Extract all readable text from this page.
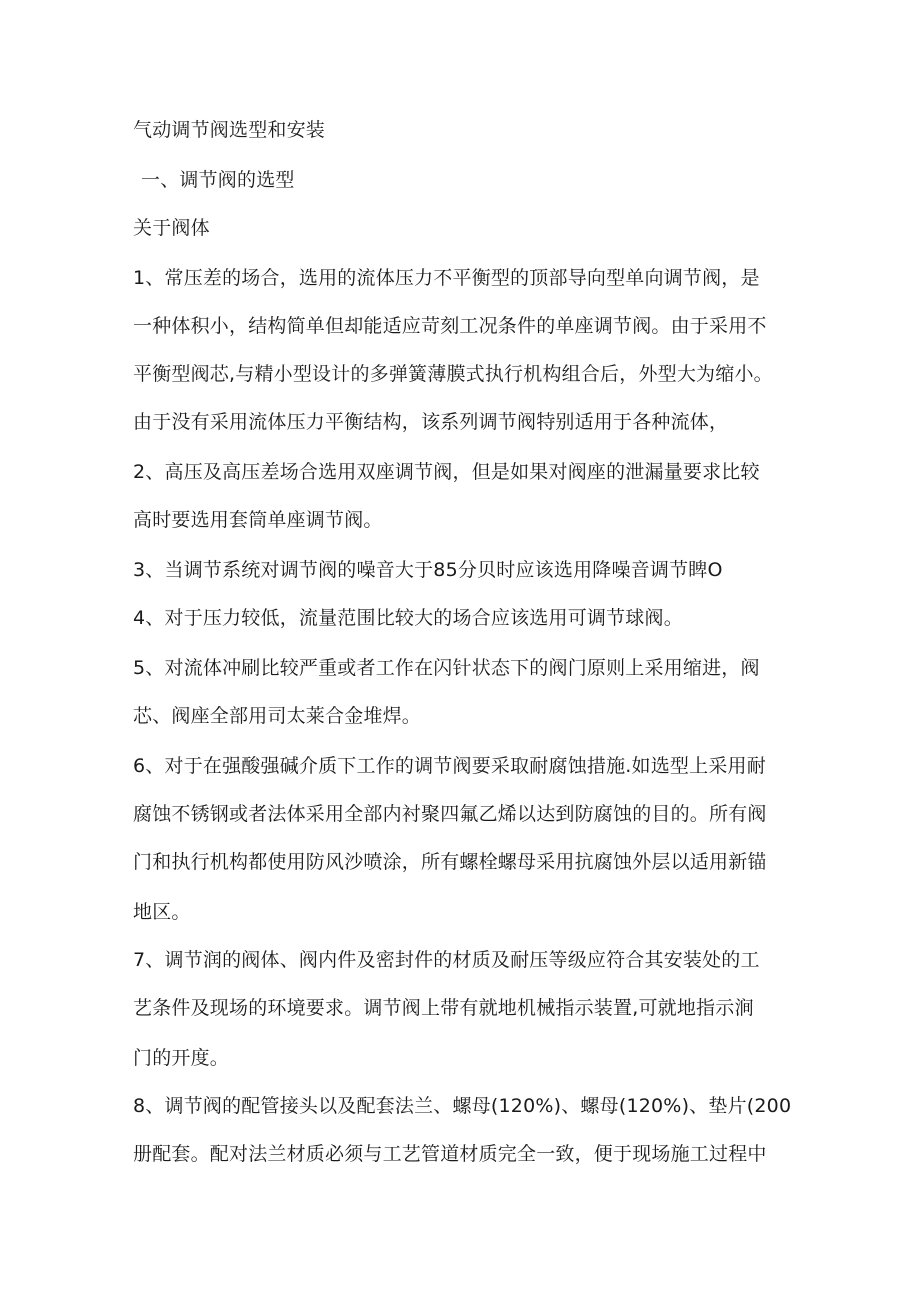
气动调节阀选型和安装

一、调节阀的选型

关于阀体

1、常压差的场合，选用的流体压力不平衡型的顶部导向型单向调节阀，是

一种体积小，结构简单但却能适应苛刻工况条件的单座调节阀。由于采用不

平衡型阀芯,与精小型设计的多弹簧薄膜式执行机构组合后，外型大为缩小。

由于没有采用流体压力平衡结构，该系列调节阀特别适用于各种流体，

2、高压及高压差场合选用双座调节阀，但是如果对阀座的泄漏量要求比较

高时要选用套筒单座调节阀。

3、当调节系统对调节阀的噪音大于85分贝时应该选用降噪音调节睥O

4、对于压力较低，流量范围比较大的场合应该选用可调节球阀。

5、对流体冲刷比较严重或者工作在闪针状态下的阀门原则上采用缩进，阀

芯、阀座全部用司太莱合金堆焊。

6、对于在强酸强碱介质下工作的调节阀要采取耐腐蚀措施.如选型上采用耐

腐蚀不锈钢或者法体采用全部内衬聚四氟乙烯以达到防腐蚀的目的。所有阀

门和执行机构都使用防风沙喷涂，所有螺栓螺母采用抗腐蚀外层以适用新锚

地区。

7、调节润的阀体、阀内件及密封件的材质及耐压等级应符合其安装处的工

艺条件及现场的环境要求。调节阀上带有就地机械指示装置,可就地指示涧

门的开度。

8、调节阀的配管接头以及配套法兰、螺母(120%)、螺母(120%)、垫片(200

册配套。配对法兰材质必须与工艺管道材质完全一致，便于现场施工过程中
